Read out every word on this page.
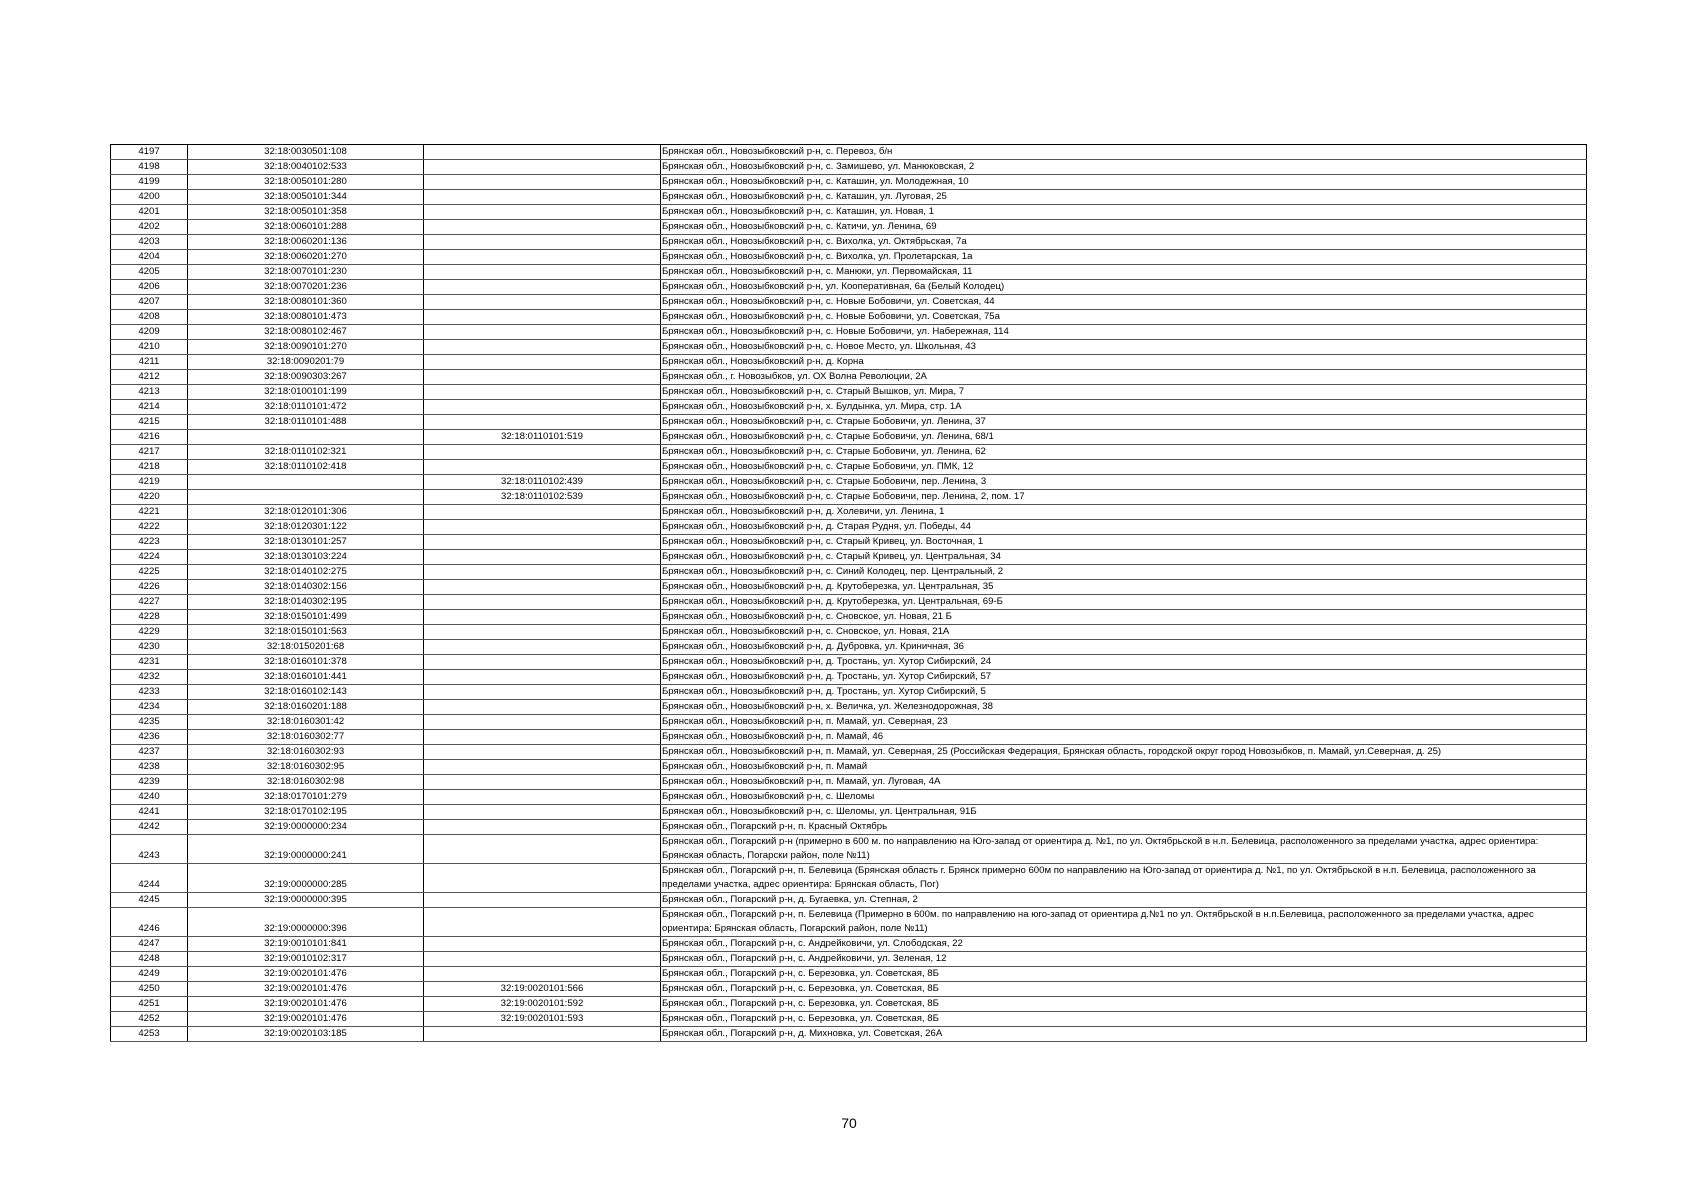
4197	32:18:0030501:108		Брянская обл., Новозыбковский р-н, с. Перевоз, б/н
4198	32:18:0040102:533		Брянская обл., Новозыбковский р-н, с. Замишево, ул. Манюковская, 2
4199	32:18:0050101:280		Брянская обл., Новозыбковский р-н, с. Каташин, ул. Молодежная, 10
4200	32:18:0050101:344		Брянская обл., Новозыбковский р-н, с. Каташин, ул. Луговая, 25
4201	32:18:0050101:358		Брянская обл., Новозыбковский р-н, с. Каташин, ул. Новая, 1
4202	32:18:0060101:288		Брянская обл., Новозыбковский р-н, с. Катичи, ул. Ленина, 69
4203	32:18:0060201:136		Брянская обл., Новозыбковский р-н, с. Вихолка, ул. Октябрьская, 7а
4204	32:18:0060201:270		Брянская обл., Новозыбковский р-н, с. Вихолка, ул. Пролетарская, 1а
4205	32:18:0070101:230		Брянская обл., Новозыбковский р-н, с. Манюки, ул. Первомайская, 11
4206	32:18:0070201:236		Брянская обл., Новозыбковский р-н, ул. Кооперативная, 6а (Белый Колодец)
4207	32:18:0080101:360		Брянская обл., Новозыбковский р-н, с. Новые Бобовичи, ул. Советская, 44
4208	32:18:0080101:473		Брянская обл., Новозыбковский р-н, с. Новые Бобовичи, ул. Советская, 75а
4209	32:18:0080102:467		Брянская обл., Новозыбковский р-н, с. Новые Бобовичи, ул. Набережная, 114
4210	32:18:0090101:270		Брянская обл., Новозыбковский р-н, с. Новое Место, ул. Школьная, 43
4211	32:18:0090201:79		Брянская обл., Новозыбковский р-н, д. Корна
4212	32:18:0090303:267		Брянская обл., г. Новозыбков, ул. ОХ Волна Революции, 2А
4213	32:18:0100101:199		Брянская обл., Новозыбковский р-н, с. Старый Вышков, ул. Мира, 7
4214	32:18:0110101:472		Брянская обл., Новозыбковский р-н, х. Булдынка, ул. Мира, стр. 1А
4215	32:18:0110101:488		Брянская обл., Новозыбковский р-н, с. Старые Бобовичи, ул. Ленина, 37
4216		32:18:0110101:519	Брянская обл., Новозыбковский р-н, с. Старые Бобовичи, ул. Ленина, 68/1
4217	32:18:0110102:321		Брянская обл., Новозыбковский р-н, с. Старые Бобовичи, ул. Ленина, 62
4218	32:18:0110102:418		Брянская обл., Новозыбковский р-н, с. Старые Бобовичи, ул. ПМК, 12
4219		32:18:0110102:439	Брянская обл., Новозыбковский р-н, с. Старые Бобовичи, пер. Ленина, 3
4220		32:18:0110102:539	Брянская обл., Новозыбковский р-н, с. Старые Бобовичи, пер. Ленина, 2, пом. 17
4221	32:18:0120101:306		Брянская обл., Новозыбковский р-н, д. Холевичи, ул. Ленина, 1
4222	32:18:0120301:122		Брянская обл., Новозыбковский р-н, д. Старая Рудня, ул. Победы, 44
4223	32:18:0130101:257		Брянская обл., Новозыбковский р-н, с. Старый Кривец, ул. Восточная, 1
4224	32:18:0130103:224		Брянская обл., Новозыбковский р-н, с. Старый Кривец, ул. Центральная, 34
4225	32:18:0140102:275		Брянская обл., Новозыбковский р-н, с. Синий Колодец, пер. Центральный, 2
4226	32:18:0140302:156		Брянская обл., Новозыбковский р-н, д. Крутоберезка, ул. Центральная, 35
4227	32:18:0140302:195		Брянская обл., Новозыбковский р-н, д. Крутоберезка, ул. Центральная, 69-Б
4228	32:18:0150101:499		Брянская обл., Новозыбковский р-н, с. Сновское, ул. Новая, 21 Б
4229	32:18:0150101:563		Брянская обл., Новозыбковский р-н, с. Сновское, ул. Новая, 21А
4230	32:18:0150201:68		Брянская обл., Новозыбковский р-н, д. Дубровка, ул. Криничная, 36
4231	32:18:0160101:378		Брянская обл., Новозыбковский р-н, д. Тростань, ул. Хутор Сибирский, 24
4232	32:18:0160101:441		Брянская обл., Новозыбковский р-н, д. Тростань, ул. Хутор Сибирский, 57
4233	32:18:0160102:143		Брянская обл., Новозыбковский р-н, д. Тростань, ул. Хутор Сибирский, 5
4234	32:18:0160201:188		Брянская обл., Новозыбковский р-н, х. Величка, ул. Железнодорожная, 38
4235	32:18:0160301:42		Брянская обл., Новозыбковский р-н, п. Мамай, ул. Северная, 23
4236	32:18:0160302:77		Брянская обл., Новозыбковский р-н, п. Мамай, 46
4237	32:18:0160302:93		Брянская обл., Новозыбковский р-н, п. Мамай, ул. Северная, 25 (Российская Федерация, Брянская область, городской округ город Новозыбков, п. Мамай, ул.Северная, д. 25)
4238	32:18:0160302:95		Брянская обл., Новозыбковский р-н, п. Мамай
4239	32:18:0160302:98		Брянская обл., Новозыбковский р-н, п. Мамай, ул. Луговая, 4А
4240	32:18:0170101:279		Брянская обл., Новозыбковский р-н, с. Шеломы
4241	32:18:0170102:195		Брянская обл., Новозыбковский р-н, с. Шеломы, ул. Центральная, 91Б
4242	32:19:0000000:234		Брянская обл., Погарский р-н, п. Красный Октябрь
4243	32:19:0000000:241		Брянская обл., Погарский р-н (примерно в 600 м. по направлению на Юго-запад от ориентира д. №1, по ул. Октябрьской в н.п. Белевица, расположенного за пределами участка, адрес ориентира: Брянская область, Погарски район, поле №11)
4244	32:19:0000000:285		Брянская обл., Погарский р-н, п. Белевица (Брянская область г. Брянск примерно 600м по направлению на Юго-запад от ориентира д. №1, по ул. Октябрьской в н.п. Белевица, расположенного за пределами участка, адрес ориентира: Брянская область, Пог)
4245	32:19:0000000:395		Брянская обл., Погарский р-н, д. Бугаевка, ул. Степная, 2
4246	32:19:0000000:396		Брянская обл., Погарский р-н, п. Белевица (Примерно в 600м. по направлению на юго-запад от ориентира д.№1 по ул. Октябрьской в н.п.Белевица, расположенного за пределами участка, адрес ориентира: Брянская область, Погарский район, поле №11)
4247	32:19:0010101:841		Брянская обл., Погарский р-н, с. Андрейковичи, ул. Слободская, 22
4248	32:19:0010102:317		Брянская обл., Погарский р-н, с. Андрейковичи, ул. Зеленая, 12
4249	32:19:0020101:476		Брянская обл., Погарский р-н, с. Березовка, ул. Советская, 8Б
4250	32:19:0020101:476	32:19:0020101:566	Брянская обл., Погарский р-н, с. Березовка, ул. Советская, 8Б
4251	32:19:0020101:476	32:19:0020101:592	Брянская обл., Погарский р-н, с. Березовка, ул. Советская, 8Б
4252	32:19:0020101:476	32:19:0020101:593	Брянская обл., Погарский р-н, с. Березовка, ул. Советская, 8Б
4253	32:19:0020103:185		Брянская обл., Погарский р-н, д. Михновка, ул. Советская, 26А
70
